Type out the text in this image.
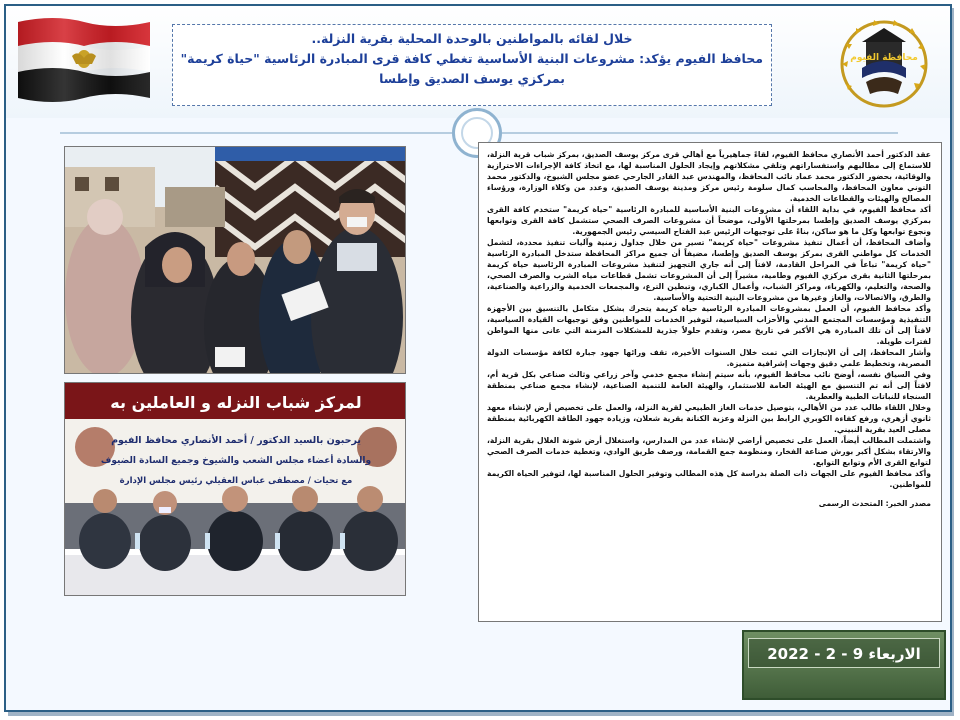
محافظة الفيوم
خلال لقائه بالمواطنين بالوحدة المحلية بقرية النزلة..
محافظ الفيوم يؤكد: مشروعات البنية الأساسية تغطي كافة قرى المبادرة الرئاسية "حياة كريمة"
بمركزي يوسف الصديق وإطسا
لمركز شباب النزله و العاملين به
يرحبون بالسيد الدكتور / أحمد الأنصاري محافظ الفيوم
والسادة أعضاء مجلس الشعب والشيوخ وجميع السادة الضيوف
مع تحيات / مصطفى عباس العقيلي رئيس مجلس الإدارة

عقد الدكتور أحمد الأنصاري محافظ الفيوم، لقاءً جماهيرياً مع أهالي قرى مركز يوسف الصديق، بمركز شباب قرية النزلة، للاستماع إلى مطالبهم واستفساراتهم وتلقي مشكلاتهم وإيجاد الحلول المناسبة لها، مع اتخاذ كافة الإجراءات الاحترازية والوقائية، بحضور الدكتور محمد عماد نائب المحافظ، والمهندس عبد القادر الجارحي عضو مجلس الشيوخ، والدكتور محمد التوني معاون المحافظ، والمحاسب كمال سلومة رئيس مركز ومدينة يوسف الصديق، وعدد من وكلاء الوزارة، ورؤساء المصالح والهيئات والقطاعات الخدمية.

أكد محافظ الفيوم، في بداية اللقاء أن مشروعات البنية الأساسية للمبادرة الرئاسية "حياة كريمة" ستخدم كافة القرى بمركزي يوسف الصديق وإطسا بمرحلتها الأولى، موضحاً أن مشروعات الصرف الصحي ستشمل كافة القرى وتوابعها ونجوع توابعها وكل ما هو ساكن، بناءً على توجيهات الرئيس عبد الفتاح السيسي رئيس الجمهورية.

وأضاف المحافظ، أن أعمال تنفيذ مشروعات "حياة كريمة" تسير من خلال جداول زمنية وآليات تنفيذ محددة، لتشمل الخدمات كل مواطني القرى بمركز يوسف الصديق وإطسا، مضيفاً أن جميع مراكز المحافظة ستدخل المبادرة الرئاسية "حياة كريمة" تباعاً في المراحل القادمة، لافتاً إلى أنه جاري التجهيز لتنفيذ مشروعات المبادرة الرئاسية حياة كريمة بمرحلتها الثانية بقرى مركزي الفيوم وطامية، مشيراً إلى أن المشروعات تشمل قطاعات مياه الشرب والصرف الصحي، والصحة، والتعليم، والكهرباء، ومراكز الشباب، وأعمال الكباري، وتبطين الترع، والمجمعات الخدمية والزراعية والصناعية، والطرق، والاتصالات، والغاز وغيرها من مشروعات البنية التحتية والأساسية.

وأكد محافظ الفيوم، أن العمل بمشروعات المبادرة الرئاسية حياة كريمة يتحرك بشكل متكامل بالتنسيق بين الأجهزة التنفيذية ومؤسسات المجتمع المدني والأحزاب السياسية، لتوفير الخدمات للمواطنين وفق توجيهات القيادة السياسية، لافتاً إلى أن تلك المبادرة هي الأكبر في تاريخ مصر، وتقدم حلولاً جذرية للمشكلات المزمنة التي عانى منها المواطن لفترات طويلة.

وأشار المحافظ، إلى أن الإنجازات التي تمت خلال السنوات الأخيرة، تقف ورائها جهود جبارة لكافة مؤسسات الدولة المصرية، وتخطيط علمي دقيق وجهات إشرافية متميزة.

وفي السياق نفسه، أوضح نائب محافظ الفيوم، بأنه سيتم إنشاء مجمع خدمي وآخر زراعي وثالث صناعي بكل قرية أم، لافتاً إلى أنه تم التنسيق مع الهيئة العامة للاستثمار، والهيئة العامة للتنمية الصناعية، لإنشاء مجمع صناعي بمنطقة السنجاء للنباتات الطبية والعطرية.

وخلال اللقاء طالب عدد من الأهالي، بتوصيل خدمات الغاز الطبيعي لقرية النزلة، والعمل على تخصيص أرض لإنشاء معهد ثانوي أزهري، ورفع كفاءة الكوبري الرابط بين النزلة وعزبة الكنانة بقرية شعلان، وزيادة جهود الطاقة الكهربائية بمنطقة مصلى العيد بقرية النبيني.

واشتملت المطالب أيضاً، العمل على تخصيص أراضي لإنشاء عدد من المدارس، واستغلال أرض شونة الغلال بقرية النزلة، والارتقاء بشكل أكبر بورش صناعة الفخار، ومنظومة جمع القمامة، ورصف طريق الوادي، وتغطية خدمات الصرف الصحي لتوابع القرى الأم وتوابع التوابع.

وأكد محافظ الفيوم على الجهات ذات الصلة بدراسة كل هذه المطالب وتوفير الحلول المناسبة لها، لتوفير الحياة الكريمة للمواطنين.

مصدر الخبر: المتحدث الرسمى

الاربعاء 9 - 2 - 2022
